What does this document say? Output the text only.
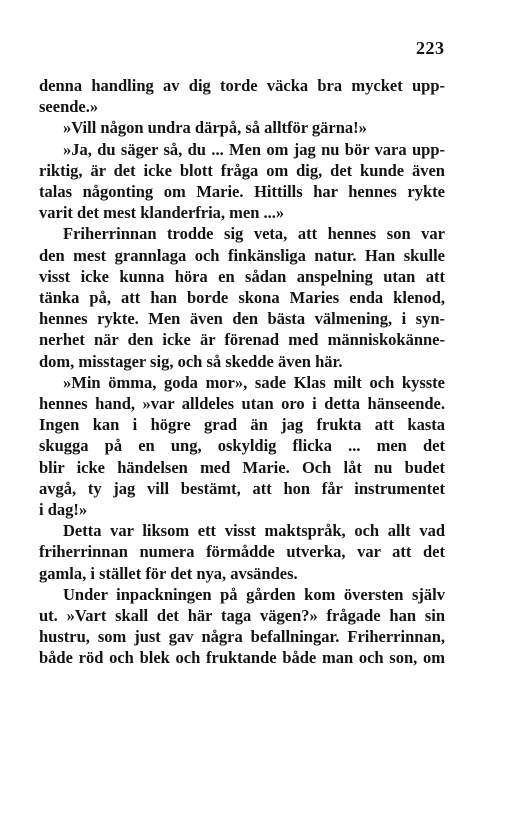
223

denna handling av dig torde väcka bra mycket upp-
seende.»

»Vill någon undra därpå, så alltför gärna!»

»Ja, du säger så, du ... Men om jag nu bör vara upp-
riktig, är det icke blott fråga om dig, det kunde även
talas någonting om Marie. Hittills har hennes rykte
varit det mest klanderfria, men ...»

Friherrinnan trodde sig veta, att hennes son var
den mest grannlaga och finkänsliga natur. Han skulle
visst icke kunna höra en sådan anspelning utan att
tänka på, att han borde skona Maries enda klenod,
hennes rykte. Men även den bästa välmening, i syn-
nerhet när den icke är förenad med människokänne-
dom, misstager sig, och så skedde även här.

»Min ömma, goda mor», sade Klas milt och kysste
hennes hand, »var alldeles utan oro i detta hänseende.
Ingen kan i högre grad än jag frukta att kasta
skugga på en ung, oskyldig flicka ... men det
blir icke händelsen med Marie. Och låt nu budet
avgå, ty jag vill bestämt, att hon får instrumentet
i dag!»

Detta var liksom ett visst maktspråk, och allt vad
friherrinnan numera förmådde utverka, var att det
gamla, i stället för det nya, avsändes.

Under inpackningen på gården kom översten själv
ut. »Vart skall det här taga vägen?» frågade han sin
hustru, som just gav några befallningar. Friherrinnan,
både röd och blek och fruktande både man och son, om
